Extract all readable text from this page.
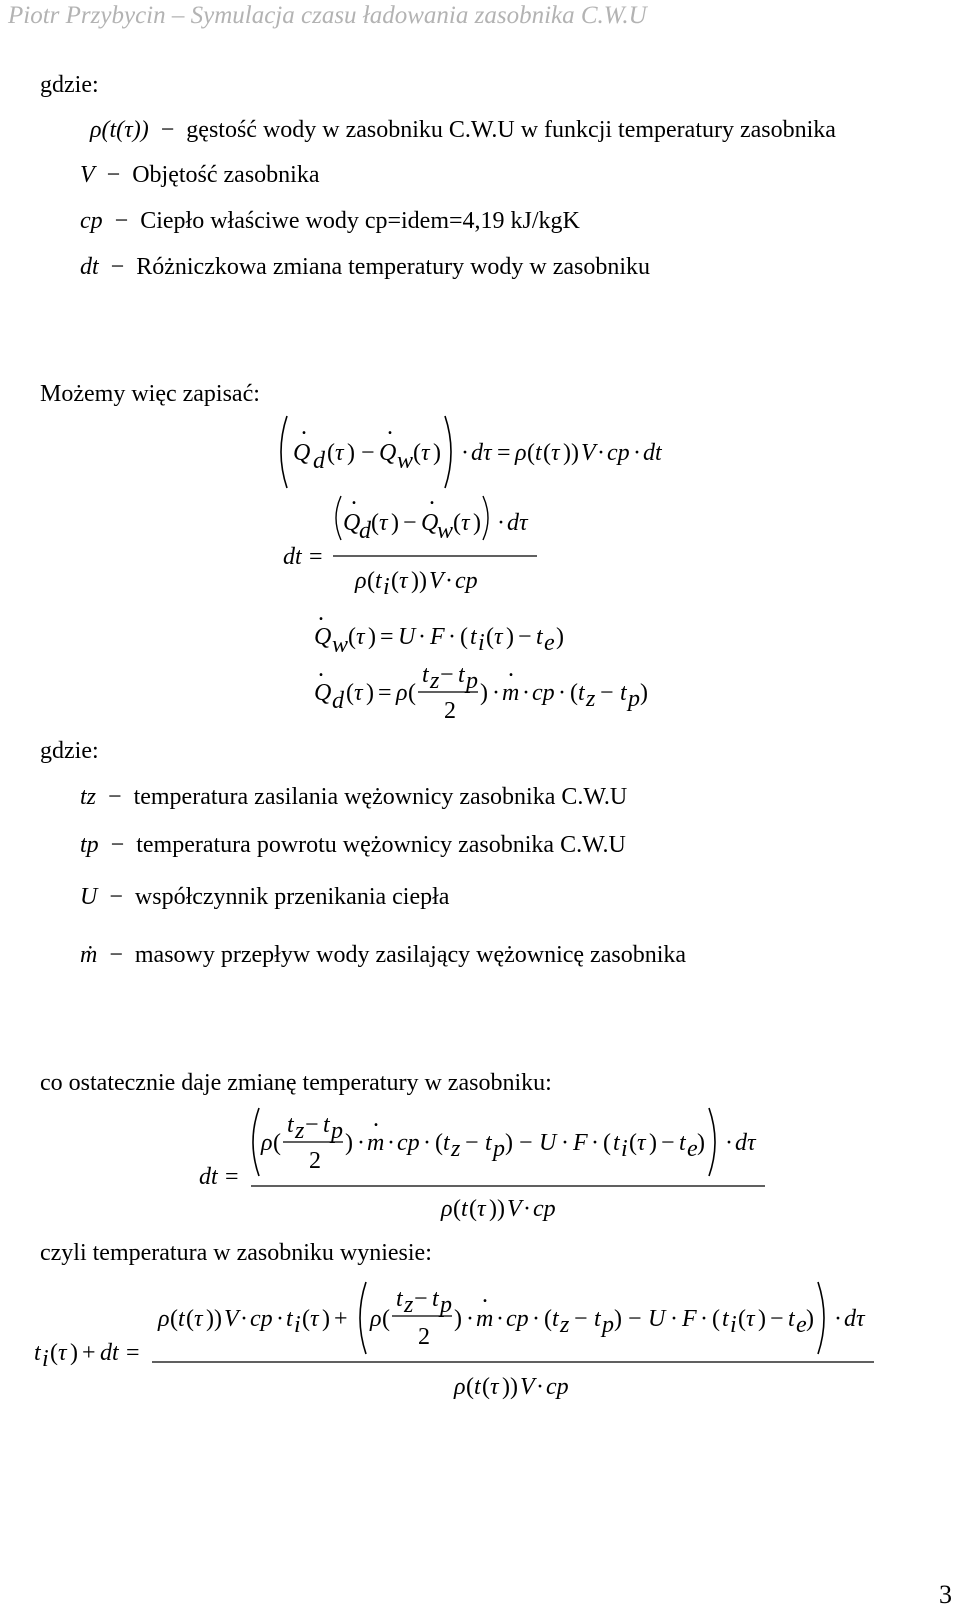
Piotr Przybycin – Symulacja czasu ładowania zasobnika C.W.U
gdzie:
ρ(t(τ))  −  gęstość wody w zasobniku C.W.U w funkcji temperatury zasobnika
V  −  Objętość zasobnika
cp  −  Ciepło właściwe wody cp=idem=4,19 kJ/kgK
dt  −  Różniczkowa zmiana temperatury wody w zasobniku
Możemy więc zapisać:
Q
.
d ( τ ) − Q
.
w ( τ ) · dτ = ρ ( t ( τ )) V · cp · dt
dt =
Q
.
d ( τ ) − Q
.
w ( τ ) · dτ
ρ ( t i ( τ )) V · cp
Q
.
w ( τ ) = U · F · ( t i ( τ ) − t e )
Q
.
d ( τ ) = ρ (
t z − t p
2
) · m
.
· cp · ( t z − t p )
gdzie:
tz  −  temperatura zasilania wężownicy zasobnika C.W.U
tp  −  temperatura powrotu wężownicy zasobnika C.W.U
U  −  współczynnik przenikania ciepła
ṁ  −  masowy przepływ wody zasilający wężownicę zasobnika
co ostatecznie daje zmianę temperatury w zasobniku:
dt =
ρ (
t z − t p
2
) · m
.
· cp · ( t z − t p ) − U · F · ( t i ( τ ) − t e ) · dτ
ρ ( t ( τ )) V · cp
czyli temperatura w zasobniku wyniesie:
t i ( τ ) + dt =
ρ ( t ( τ )) V · cp · t i ( τ ) + ρ (
t z − t p
2
) · m
.
· cp · ( t z − t p ) − U · F · ( t i ( τ ) − t e ) · dτ
ρ ( t ( τ )) V · cp
3
